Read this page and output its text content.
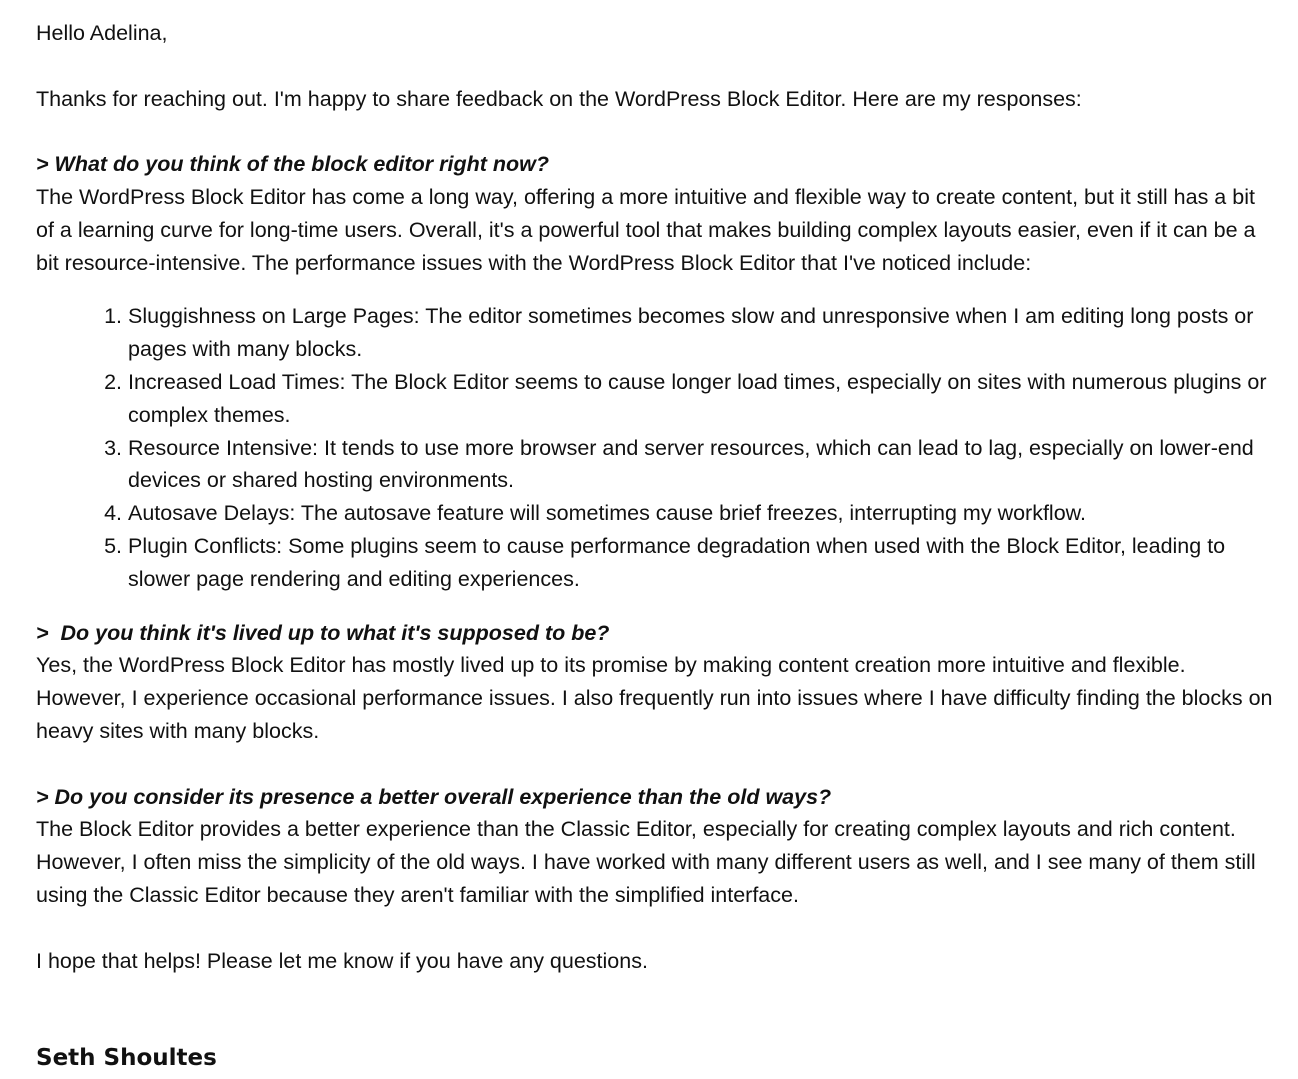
Hello Adelina,

Thanks for reaching out. I'm happy to share feedback on the WordPress Block Editor. Here are my responses:

> What do you think of the block editor right now?

The WordPress Block Editor has come a long way, offering a more intuitive and flexible way to create content, but it still has a bit of a learning curve for long-time users. Overall, it's a powerful tool that makes building complex layouts easier, even if it can be a bit resource-intensive. The performance issues with the WordPress Block Editor that I've noticed include:

1. Sluggishness on Large Pages: The editor sometimes becomes slow and unresponsive when I am editing long posts or pages with many blocks.
2. Increased Load Times: The Block Editor seems to cause longer load times, especially on sites with numerous plugins or complex themes.
3. Resource Intensive: It tends to use more browser and server resources, which can lead to lag, especially on lower-end devices or shared hosting environments.
4. Autosave Delays: The autosave feature will sometimes cause brief freezes, interrupting my workflow.
5. Plugin Conflicts: Some plugins seem to cause performance degradation when used with the Block Editor, leading to slower page rendering and editing experiences.

>  Do you think it's lived up to what it's supposed to be?

Yes, the WordPress Block Editor has mostly lived up to its promise by making content creation more intuitive and flexible. However, I experience occasional performance issues. I also frequently run into issues where I have difficulty finding the blocks on heavy sites with many blocks.

> Do you consider its presence a better overall experience than the old ways?

The Block Editor provides a better experience than the Classic Editor, especially for creating complex layouts and rich content. However, I often miss the simplicity of the old ways. I have worked with many different users as well, and I see many of them still using the Classic Editor because they aren't familiar with the simplified interface.

I hope that helps! Please let me know if you have any questions.

Seth Shoultes
